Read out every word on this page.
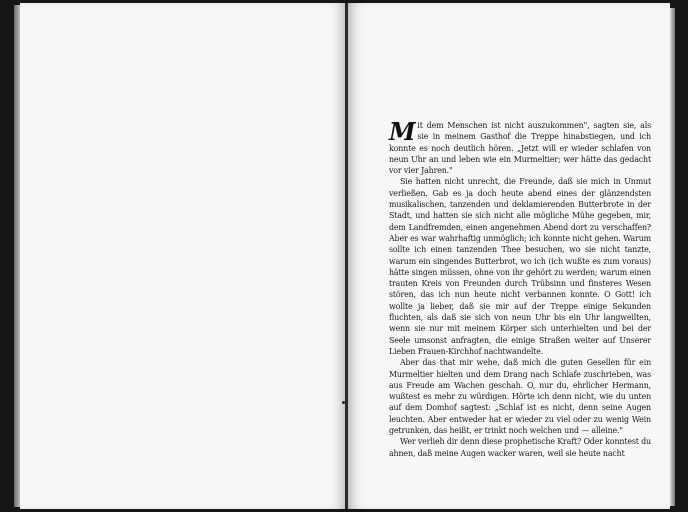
Mit dem Menschen ist nicht auszukommen", sagten sie, als sie in meinem Gasthof die Treppe hinabstiegen, und ich konnte es noch deutlich hören. „Jetzt will er wieder schlafen von neun Uhr an und leben wie ein Murmeltier; wer hätte das gedacht vor vier Jahren."

Sie hatten nicht unrecht, die Freunde, daß sie mich in Unmut verließen. Gab es ja doch heute abend eines der glänzendsten musikalischen, tanzenden und deklamierenden Butterbrote in der Stadt, und hatten sie sich nicht alle mögliche Mühe gegeben, mir, dem Landfremden, einen angenehmen Abend dort zu verschaffen? Aber es war wahrhaftig unmöglich; ich konnte nicht gehen. Warum sollte ich einen tanzenden Thee besuchen, wo sie nicht tanzte, warum ein singendes Butterbrot, wo ich (ich wußte es zum voraus) hätte singen müssen, ohne von ihr gehört zu werden; warum einen trauten Kreis von Freunden durch Trübsinn und finsteres Wesen stören, das ich nun heute nicht verbannen konnte. O Gott! ich wollte ja lieber, daß sie mir auf der Treppe einige Sekunden fluchten, als daß sie sich von neun Uhr bis ein Uhr langweilten, wenn sie nur mit meinem Körper sich unterhielten und bei der Seele umsonst anfragten, die einige Straßen weiter auf Unserer Lieben Frauen-Kirchhof nachtwandelte.

Aber das that mir wehe, daß mich die guten Gesellen für ein Murmeltier hielten und dem Drang nach Schlafe zuschrieben, was aus Freude am Wachen geschah. O, nur du, ehrlicher Hermann, wußtest es mehr zu würdigen. Hörte ich denn nicht, wie du unten auf dem Domhof sagtest: „Schlaf ist es nicht, denn seine Augen leuchten. Aber entweder hat er wieder zu viel oder zu wenig Wein getrunken, das heißt, er trinkt noch welchen und — alleine."

Wer verlieh dir denn diese prophetische Kraft? Oder konntest du ahnen, daß meine Augen wacker waren, weil sie heute nacht
